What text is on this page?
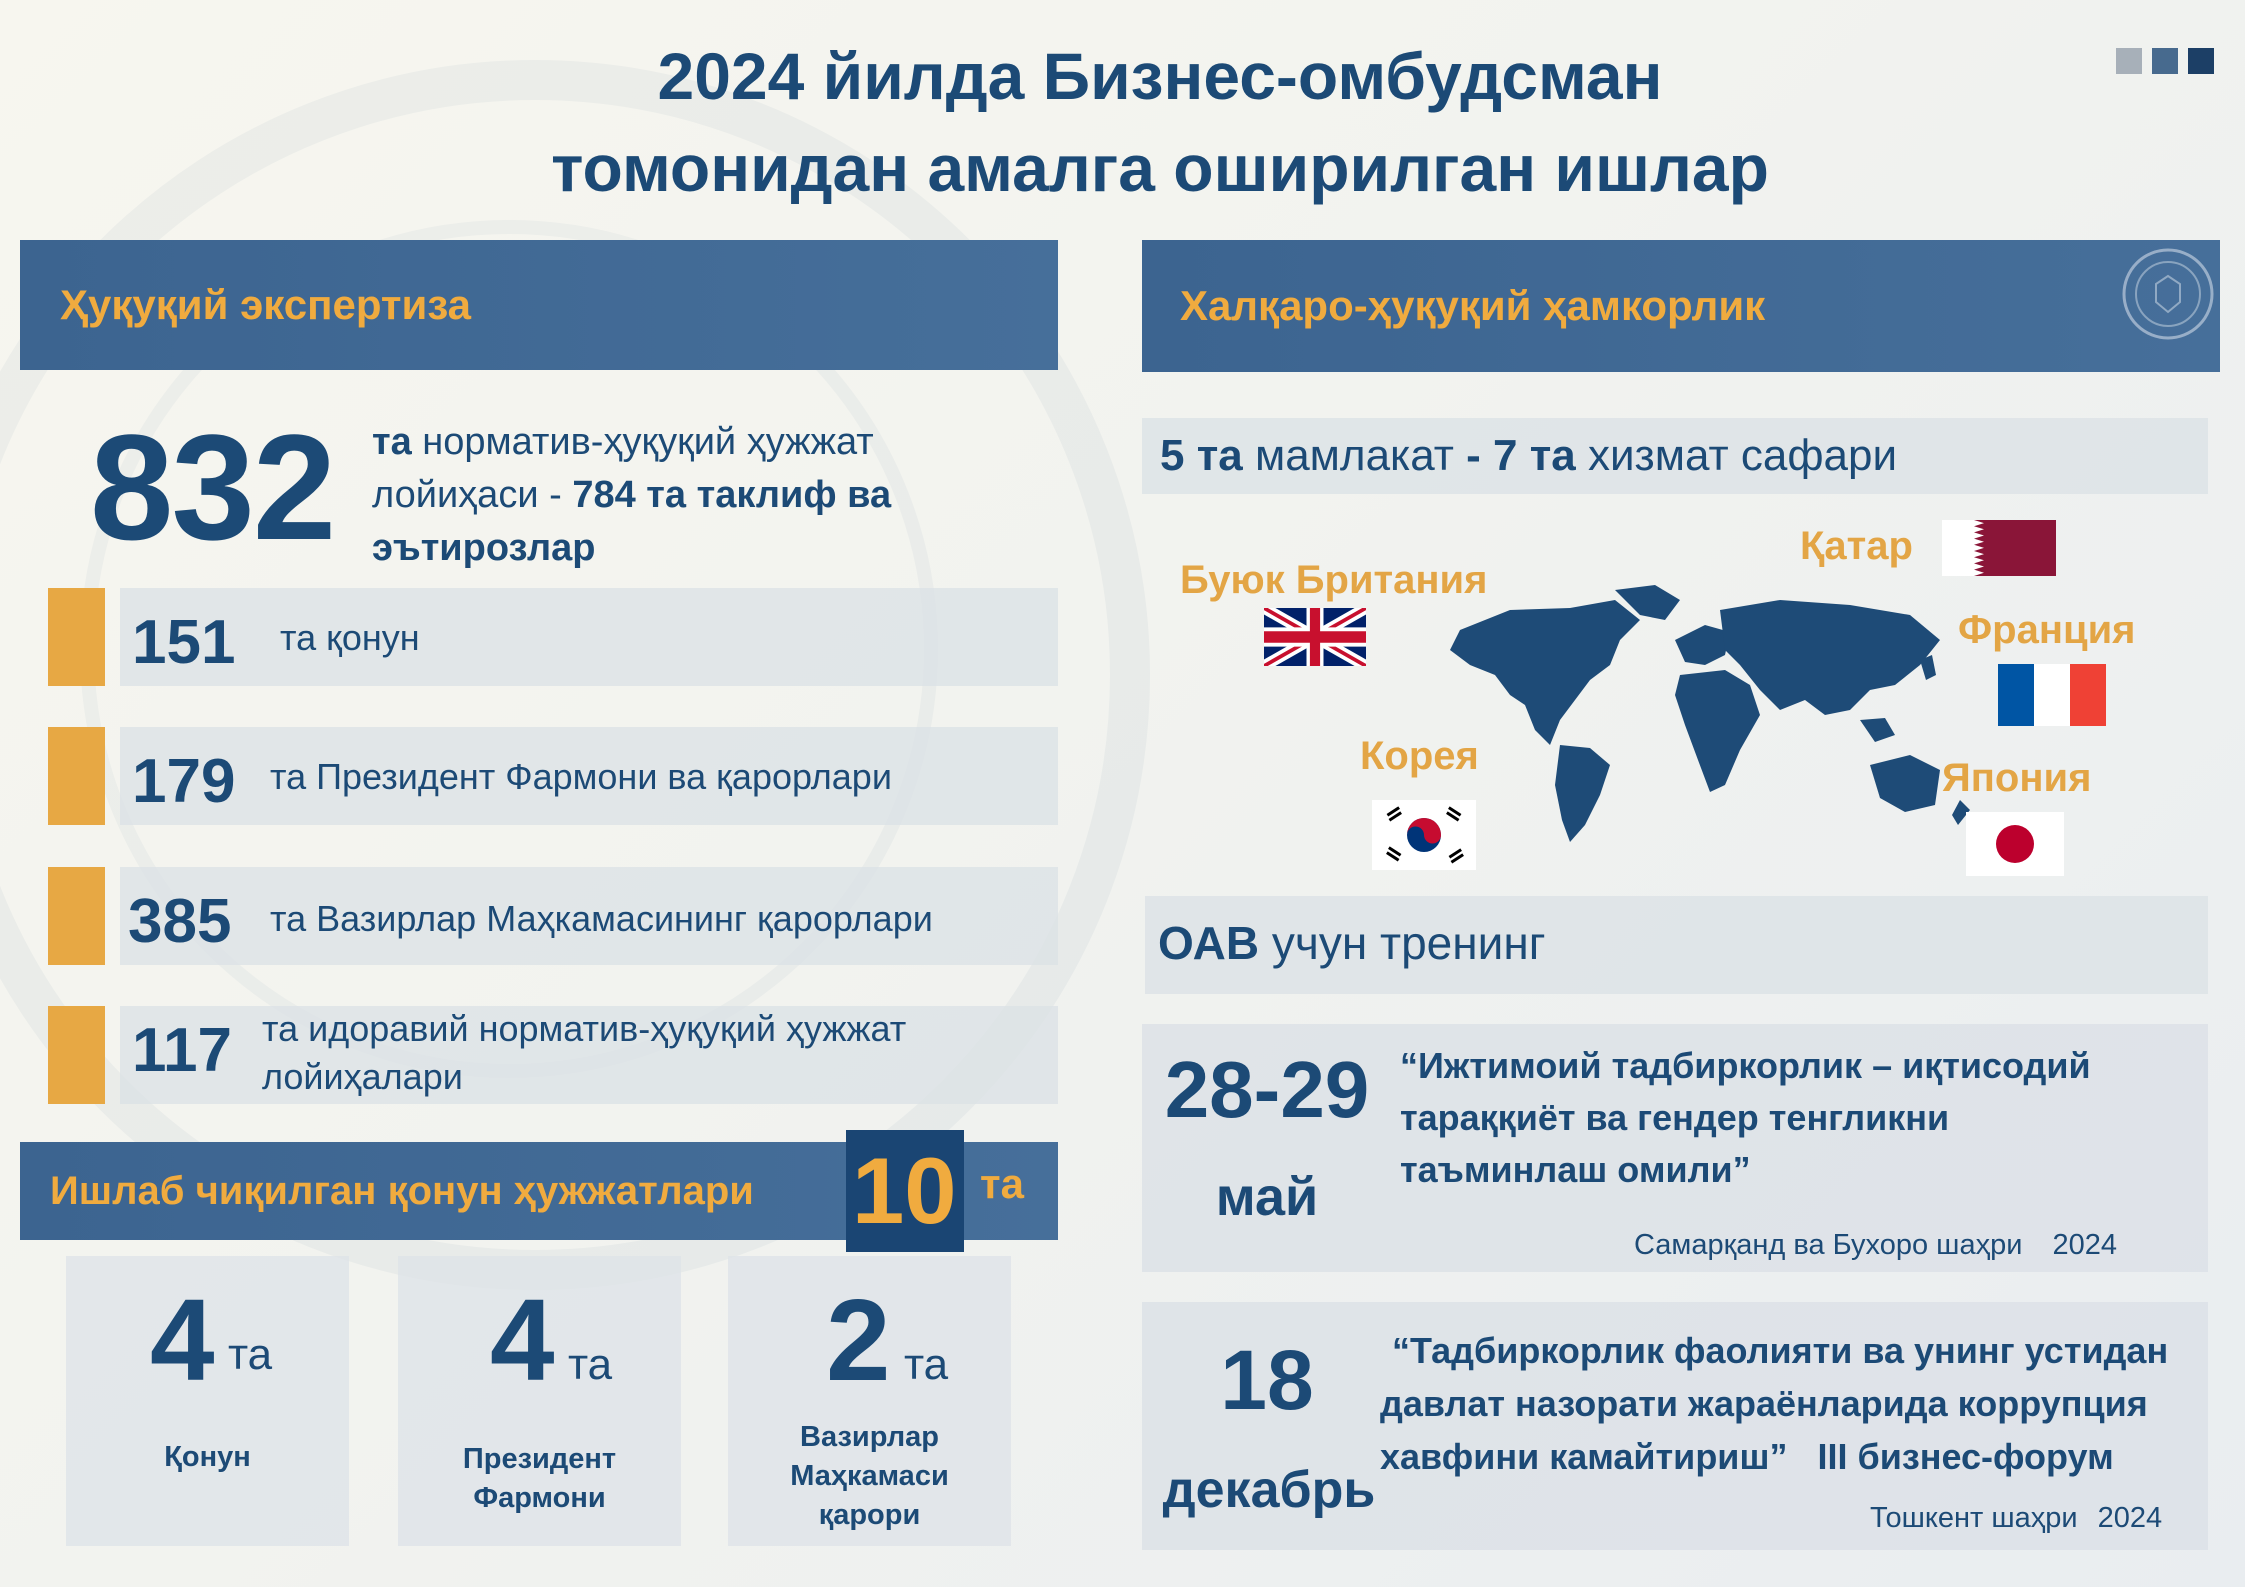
2024 йилда Бизнес-омбудсман
томонидан амалга оширилган ишлар
Ҳуқуқий экспертиза
832 та норматив-ҳуқуқий ҳужжат
лойиҳаси - 784 та таклиф ва
эътирозлар
151 та қонун
179 та Президент Фармони ва қарорлари
385 та Вазирлар Маҳкамасининг қарорлари
117 та идоравий норматив-ҳуқуқий ҳужжат
лойиҳалари
Ишлаб чиқилган қонун ҳужжатлари 10 та
4 та
Қонун
4 та
Президент
Фармони
2 та
Вазирлар
Маҳкамаси
қарори
Халқаро-ҳуқуқий ҳамкорлик
5 та мамлакат - 7 та хизмат сафари
Буюк Британия
Қатар
Франция
Корея	Япония
ОАВ учун тренинг
28-29
май
“Ижтимоий тадбиркорлик – иқтисодий
тараққиёт ва гендер тенгликни
таъминлаш омили”
Самарқанд ва Бухоро шаҳри 2024
18
декабрь
“Тадбиркорлик фаолияти ва унинг устидан
давлат назорати жараёнларида коррупция
хавфини камайтириш”   III бизнес-форум
Тошкент шаҳри 2024
